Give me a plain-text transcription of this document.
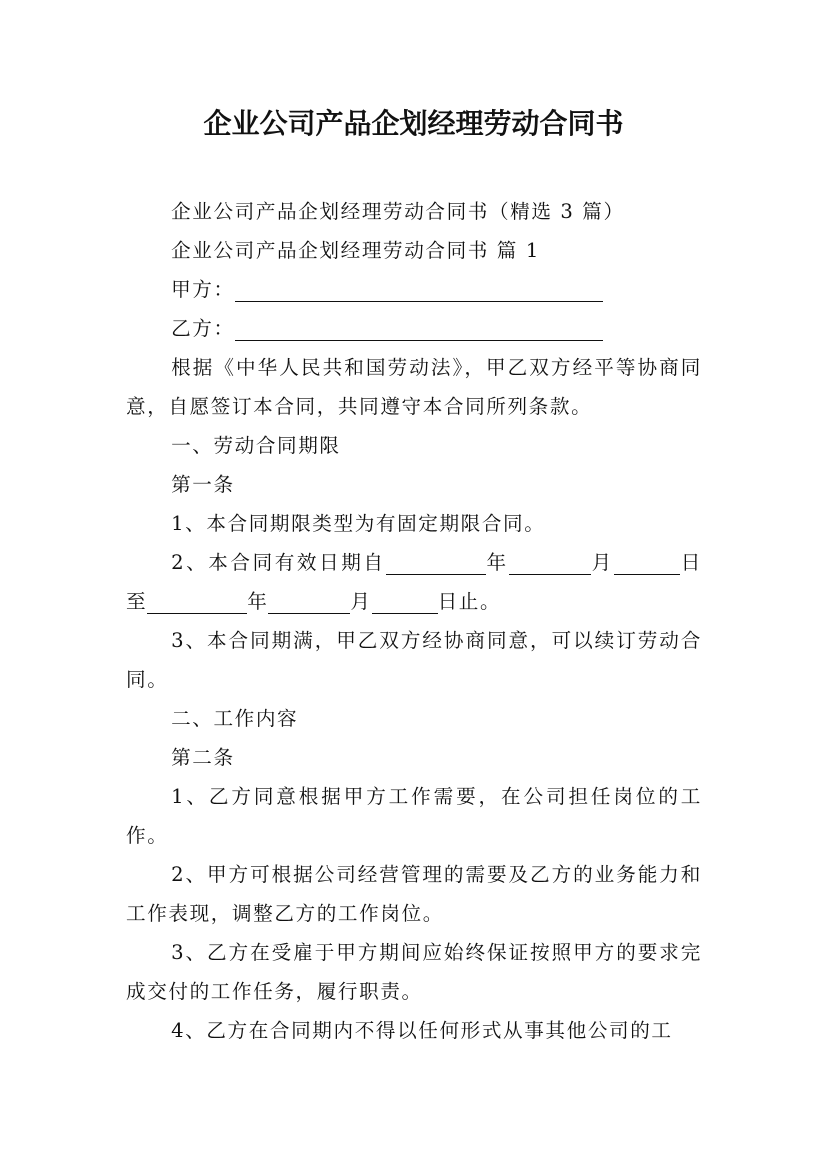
企业公司产品企划经理劳动合同书

企业公司产品企划经理劳动合同书（精选 3 篇）

企业公司产品企划经理劳动合同书 篇 1

甲方：

乙方：

根据《中华人民共和国劳动法》，甲乙双方经平等协商同意，自愿签订本合同，共同遵守本合同所列条款。

一、劳动合同期限

第一条

1、本合同期限类型为有固定期限合同。

2、本合同有效日期自	年	月	日至	年	月	日止。

3、本合同期满，甲乙双方经协商同意，可以续订劳动合同。

二、工作内容

第二条

1、乙方同意根据甲方工作需要，在公司担任岗位的工作。

2、甲方可根据公司经营管理的需要及乙方的业务能力和工作表现，调整乙方的工作岗位。

3、乙方在受雇于甲方期间应始终保证按照甲方的要求完成交付的工作任务，履行职责。

4、乙方在合同期内不得以任何形式从事其他公司的工
